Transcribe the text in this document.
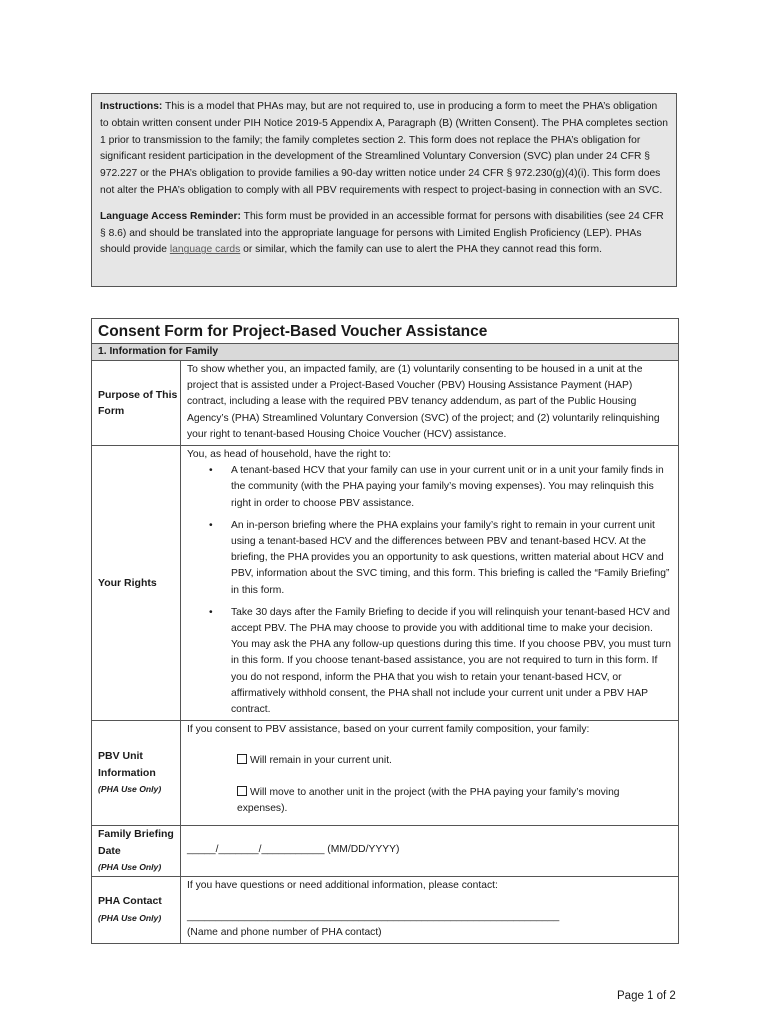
Instructions: This is a model that PHAs may, but are not required to, use in producing a form to meet the PHA’s obligation to obtain written consent under PIH Notice 2019-5 Appendix A, Paragraph (B) (Written Consent). The PHA completes section 1 prior to transmission to the family; the family completes section 2. This form does not replace the PHA’s obligation for significant resident participation in the development of the Streamlined Voluntary Conversion (SVC) plan under 24 CFR § 972.227 or the PHA’s obligation to provide families a 90-day written notice under 24 CFR § 972.230(g)(4)(i). This form does not alter the PHA’s obligation to comply with all PBV requirements with respect to project-basing in connection with an SVC.

Language Access Reminder: This form must be provided in an accessible format for persons with disabilities (see 24 CFR § 8.6) and should be translated into the appropriate language for persons with Limited English Proficiency (LEP). PHAs should provide language cards or similar, which the family can use to alert the PHA they cannot read this form.

Consent Form for Project-Based Voucher Assistance
1. Information for Family
Purpose of This Form
To show whether you, an impacted family, are (1) voluntarily consenting to be housed in a unit at the project that is assisted under a Project-Based Voucher (PBV) Housing Assistance Payment (HAP) contract, including a lease with the required PBV tenancy addendum, as part of the Public Housing Agency’s (PHA) Streamlined Voluntary Conversion (SVC) of the project; and (2) voluntarily relinquishing your right to tenant-based Housing Choice Voucher (HCV) assistance.
Your Rights
You, as head of household, have the right to:
• A tenant-based HCV that your family can use in your current unit or in a unit your family finds in the community (with the PHA paying your family’s moving expenses). You may relinquish this right in order to choose PBV assistance.
• An in-person briefing where the PHA explains your family’s right to remain in your current unit using a tenant-based HCV and the differences between PBV and tenant-based HCV. At the briefing, the PHA provides you an opportunity to ask questions, written material about HCV and PBV, information about the SVC timing, and this form. This briefing is called the “Family Briefing” in this form.
• Take 30 days after the Family Briefing to decide if you will relinquish your tenant-based HCV and accept PBV. The PHA may choose to provide you with additional time to make your decision. You may ask the PHA any follow-up questions during this time. If you choose PBV, you must turn in this form. If you choose tenant-based assistance, you are not required to turn in this form. If you do not respond, inform the PHA that you wish to retain your tenant-based HCV, or affirmatively withhold consent, the PHA shall not include your current unit under a PBV HAP contract.
PBV Unit Information
(PHA Use Only)
If you consent to PBV assistance, based on your current family composition, your family:
Will remain in your current unit.
Will move to another unit in the project (with the PHA paying your family’s moving expenses).
Family Briefing Date
(PHA Use Only)
_____/_______/___________ (MM/DD/YYYY)
PHA Contact
(PHA Use Only)
If you have questions or need additional information, please contact:
_________________________________________________________________
(Name and phone number of PHA contact)
Page 1 of 2
